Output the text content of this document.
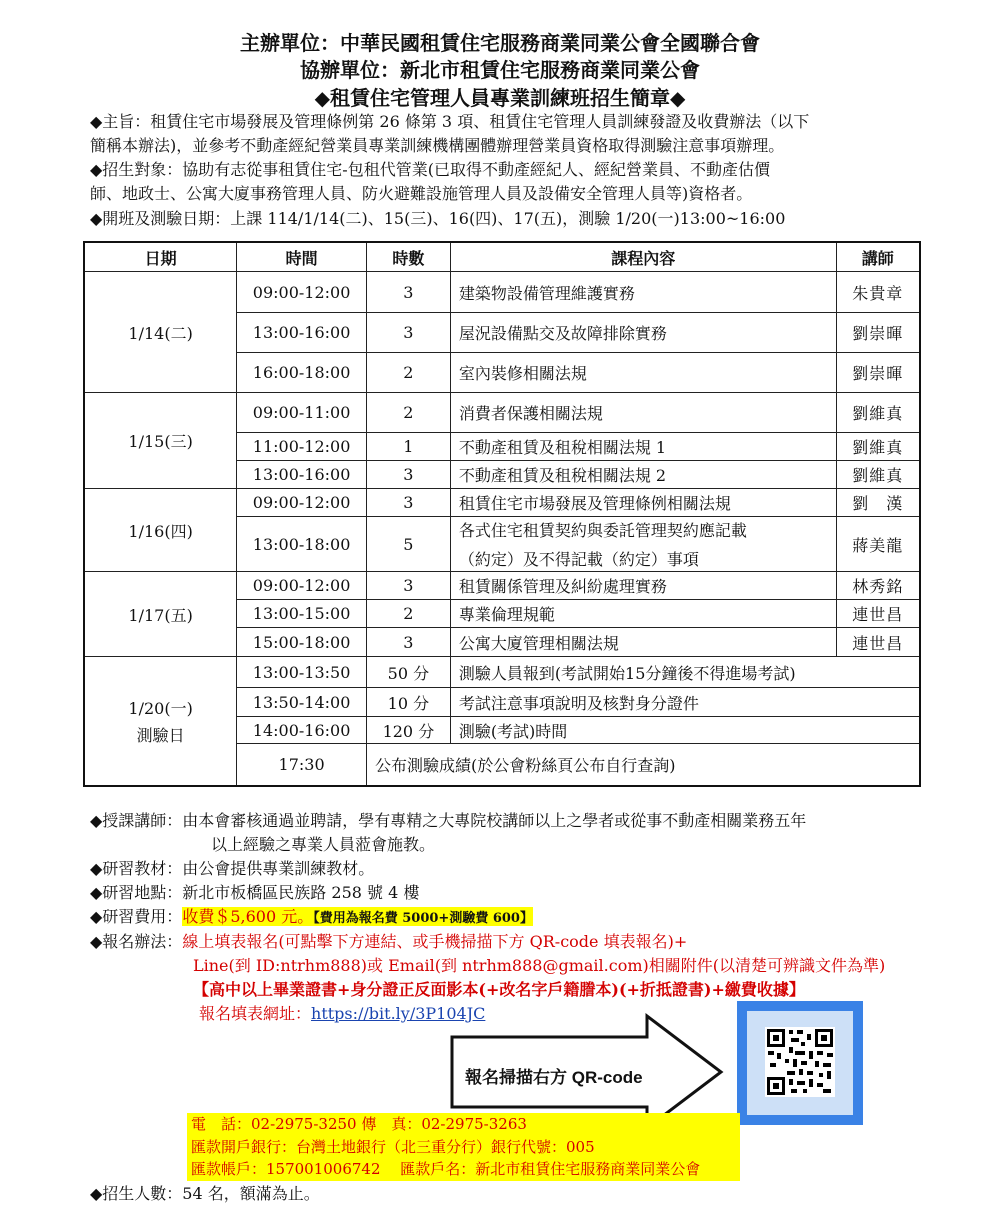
主辦單位：中華民國租賃住宅服務商業同業公會全國聯合會
協辦單位：新北市租賃住宅服務商業同業公會
◆租賃住宅管理人員專業訓練班招生簡章◆
◆主旨：租賃住宅市場發展及管理條例第 26 條第 3 項、租賃住宅管理人員訓練發證及收費辦法（以下
簡稱本辦法)，並參考不動產經紀營業員專業訓練機構團體辦理營業員資格取得測驗注意事項辦理。
◆招生對象：協助有志從事租賃住宅-包租代管業(已取得不動產經紀人、經紀營業員、不動產估價
師、地政士、公寓大廈事務管理人員、防火避難設施管理人員及設備安全管理人員等)資格者。
◆開班及測驗日期：上課 114/1/14(二)、15(三)、16(四)、17(五)，測驗 1/20(一)13:00~16:00
日期	時間	時數	課程內容	講師
1/14(二)	09:00-12:00	3	建築物設備管理維護實務	朱貴章
	13:00-16:00	3	屋況設備點交及故障排除實務	劉崇暉
	16:00-18:00	2	室內裝修相關法規	劉崇暉
1/15(三)	09:00-11:00	2	消費者保護相關法規	劉維真
	11:00-12:00	1	不動產租賃及租稅相關法規 1	劉維真
	13:00-16:00	3	不動產租賃及租稅相關法規 2	劉維真
1/16(四)	09:00-12:00	3	租賃住宅市場發展及管理條例相關法規	劉　漢
	13:00-18:00	5	各式住宅租賃契約與委託管理契約應記載
（約定）及不得記載（約定）事項	蔣美龍
1/17(五)	09:00-12:00	3	租賃關係管理及糾紛處理實務	林秀銘
	13:00-15:00	2	專業倫理規範	連世昌
	15:00-18:00	3	公寓大廈管理相關法規	連世昌

1/20(一)
測驗日	13:00-13:50	50 分	測驗人員報到(考試開始15分鐘後不得進場考試)	
	13:50-14:00	10 分	考試注意事項說明及核對身分證件	
	14:00-16:00	120 分	測驗(考試)時間	
	17:30	公布測驗成績(於公會粉絲頁公布自行查詢)		
◆授課講師：由本會審核通過並聘請，學有專精之大專院校講師以上之學者或從事不動產相關業務五年
以上經驗之專業人員蒞會施教。
◆研習教材：由公會提供專業訓練教材。
◆研習地點：新北市板橋區民族路 258 號 4 樓
◆研習費用：收費＄5,600 元。【費用為報名費 5000+測驗費 600】
◆報名辦法：線上填表報名(可點擊下方連結、或手機掃描下方 QR-code 填表報名)+
Line(到 ID:ntrhm888)或 Email(到 ntrhm888@gmail.com)相關附件(以清楚可辨識文件為準)
【高中以上畢業證書+身分證正反面影本(+改名字戶籍謄本)(+折抵證書)+繳費收據】
報名填表網址：https://bit.ly/3P104JC
報名掃描右方 QR-code
電　話：02-2975-3250 傳　真：02-2975-3263
匯款開戶銀行：台灣土地銀行（北三重分行）銀行代號：005
匯款帳戶：157001006742　 匯款戶名：新北市租賃住宅服務商業同業公會
◆招生人數：54 名，額滿為止。
